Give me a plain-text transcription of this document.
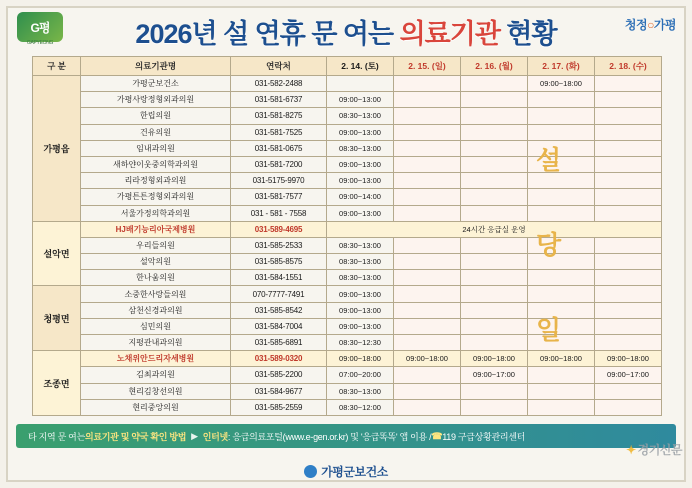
G평
GAPYEONG	2026년 설 연휴 문 여는 의료기관 현황	청정○가평
구 분	의료기관명	연락처	2. 14. (토)	2. 15. (일)	2. 16. (월)	2. 17. (화)	2. 18. (수)
가평읍	가평군보건소	031-582-2488				09:00~18:00	
	가평사랑정형외과의원	031-581-6737	09:00~13:00				
	한립의원	031-581-8275	08:30~13:00				
	건유의원	031-581-7525	09:00~13:00				
	임내과의원	031-581-0675	08:30~13:00				
	새하얀이웃중의학과의원	031-581-7200	09:00~13:00				
	리라정형외과의원	031-5175-9970	09:00~13:00				
	가평튼튼정형외과의원	031-581-7577	09:00~14:00				
	서울가정의학과의원	031 - 581 - 7558	09:00~13:00				
설악면	HJ배기능리아국제병원	031-589-4695	24시간 응급실 운영				
	우리들의원	031-585-2533	08:30~13:00				
	설악의원	031-585-8575	08:30~13:00				
	한나움의원	031-584-1551	08:30~13:00				
청평면	소중한사랑들의원	070-7777-7491	09:00~13:00				
	삼천신경과의원	031-585-8542	09:00~13:00				
	심민의원	031-584-7004	09:00~13:00				
	지평관내과의원	031-585-6891	08:30~12:30				
조종면	노채위안드리자세병원	031-589-0320	09:00~18:00	09:00~18:00	09:00~18:00	09:00~18:00	09:00~18:00
	김최과의원	031-585-2200	07:00~20:00		09:00~17:00		09:00~17:00
	현리김창선의원	031-584-9677	08:30~13:00				
	현리중앙의원	031-585-2559	08:30~12:00				
타 지역 문 여는 의료기관 및 약국 확인 방법 ▶ 인터넷 : 응급의료포털(www.e-gen.or.kr) 및 '응급똑똑' 앱 이용 / ☎ 119 구급상황관리센터
가평군보건소
✦ 경기신문
설
당
일
